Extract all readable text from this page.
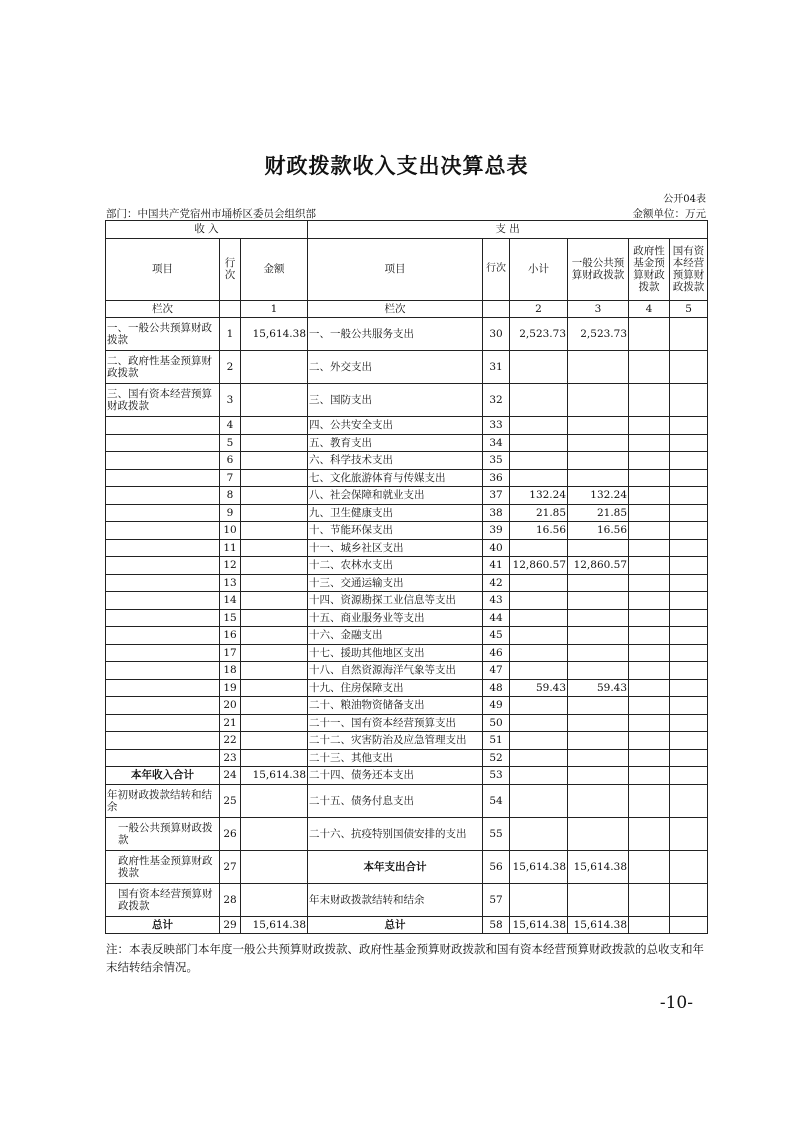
财政拨款收入支出决算总表
公开04表
部门：中国共产党宿州市埇桥区委员会组织部	金额单位：万元
收 入			支 出					
项目	行次	金额	项目	行次	小计	一般公共预算财政拨款	政府性基金预算财政拨款	国有资本经营预算财政拨款
栏次		1	栏次		2	3	4	5
一、一般公共预算财政拨款	1	15,614.38	一、一般公共服务支出	30	2,523.73	2,523.73		
二、政府性基金预算财政拨款	2		二、外交支出	31				
三、国有资本经营预算财政拨款	3		三、国防支出	32				
	4		四、公共安全支出	33				
	5		五、教育支出	34				
	6		六、科学技术支出	35				
	7		七、文化旅游体育与传媒支出	36				
	8		八、社会保障和就业支出	37	132.24	132.24		
	9		九、卫生健康支出	38	21.85	21.85		
	10		十、节能环保支出	39	16.56	16.56		
	11		十一、城乡社区支出	40				
	12		十二、农林水支出	41	12,860.57	12,860.57		
	13		十三、交通运输支出	42				
	14		十四、资源勘探工业信息等支出	43				
	15		十五、商业服务业等支出	44				
	16		十六、金融支出	45				
	17		十七、援助其他地区支出	46				
	18		十八、自然资源海洋气象等支出	47				
	19		十九、住房保障支出	48	59.43	59.43		
	20		二十、粮油物资储备支出	49				
	21		二十一、国有资本经营预算支出	50				
	22		二十二、灾害防治及应急管理支出	51				
	23		二十三、其他支出	52				
本年收入合计	24	15,614.38	二十四、债务还本支出	53				
年初财政拨款结转和结余	25		二十五、债务付息支出	54				
一般公共预算财政拨款	26		二十六、抗疫特别国债安排的支出	55				
政府性基金预算财政拨款	27		本年支出合计	56	15,614.38	15,614.38		
国有资本经营预算财政拨款	28		年末财政拨款结转和结余	57				
总计	29	15,614.38	总计	58	15,614.38	15,614.38		
注：本表反映部门本年度一般公共预算财政拨款、政府性基金预算财政拨款和国有资本经营预算财政拨款的总收支和年末结转结余情况。
-10-
